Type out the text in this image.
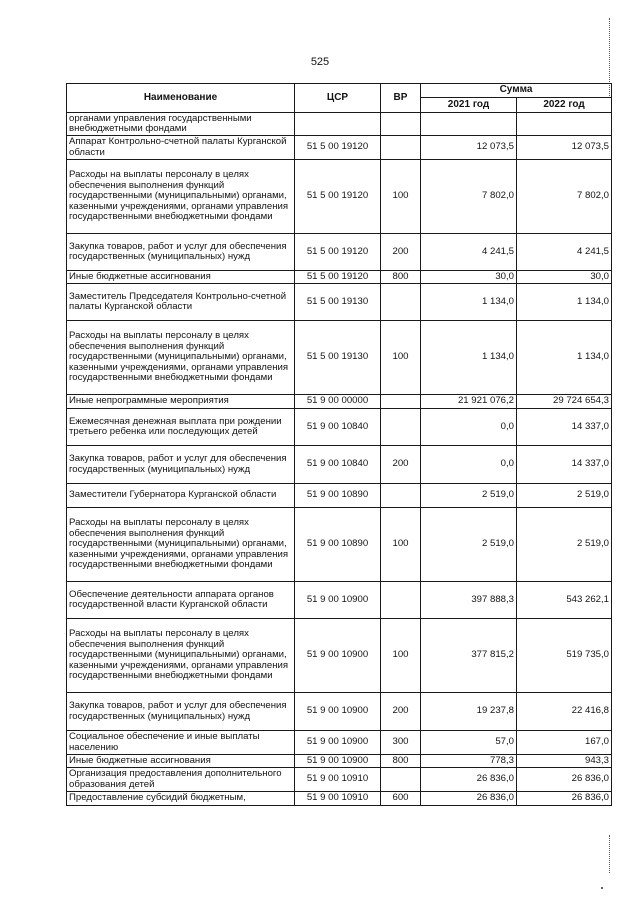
525
Наименование	ЦСР	ВР	Сумма	
			2021 год	2022 год
органами управления государственными внебюджетными фондами				
Аппарат Контрольно-счетной палаты Курганской области	51 5 00 19120		12 073,5	12 073,5
Расходы на выплаты персоналу в целях обеспечения выполнения функций государственными (муниципальными) органами, казенными учреждениями, органами управления государственными внебюджетными фондами	51 5 00 19120	100	7 802,0	7 802,0
Закупка товаров, работ и услуг для обеспечения государственных (муниципальных) нужд	51 5 00 19120	200	4 241,5	4 241,5
Иные бюджетные ассигнования	51 5 00 19120	800	30,0	30,0
Заместитель Председателя Контрольно-счетной палаты Курганской области	51 5 00 19130		1 134,0	1 134,0
Расходы на выплаты персоналу в целях обеспечения выполнения функций государственными (муниципальными) органами, казенными учреждениями, органами управления государственными внебюджетными фондами	51 5 00 19130	100	1 134,0	1 134,0
Иные непрограммные мероприятия	51 9 00 00000		21 921 076,2	29 724 654,3
Ежемесячная денежная выплата при рождении третьего ребенка или последующих детей	51 9 00 10840		0,0	14 337,0
Закупка товаров, работ и услуг для обеспечения государственных (муниципальных) нужд	51 9 00 10840	200	0,0	14 337,0
Заместители Губернатора Курганской области	51 9 00 10890		2 519,0	2 519,0
Расходы на выплаты персоналу в целях обеспечения выполнения функций государственными (муниципальными) органами, казенными учреждениями, органами управления государственными внебюджетными фондами	51 9 00 10890	100	2 519,0	2 519,0
Обеспечение деятельности аппарата органов государственной власти Курганской области	51 9 00 10900		397 888,3	543 262,1
Расходы на выплаты персоналу в целях обеспечения выполнения функций государственными (муниципальными) органами, казенными учреждениями, органами управления государственными внебюджетными фондами	51 9 00 10900	100	377 815,2	519 735,0
Закупка товаров, работ и услуг для обеспечения государственных (муниципальных) нужд	51 9 00 10900	200	19 237,8	22 416,8
Социальное обеспечение и иные выплаты населению	51 9 00 10900	300	57,0	167,0
Иные бюджетные ассигнования	51 9 00 10900	800	778,3	943,3
Организация предоставления дополнительного образования детей	51 9 00 10910		26 836,0	26 836,0
Предоставление субсидий бюджетным,	51 9 00 10910	600	26 836,0	26 836,0
